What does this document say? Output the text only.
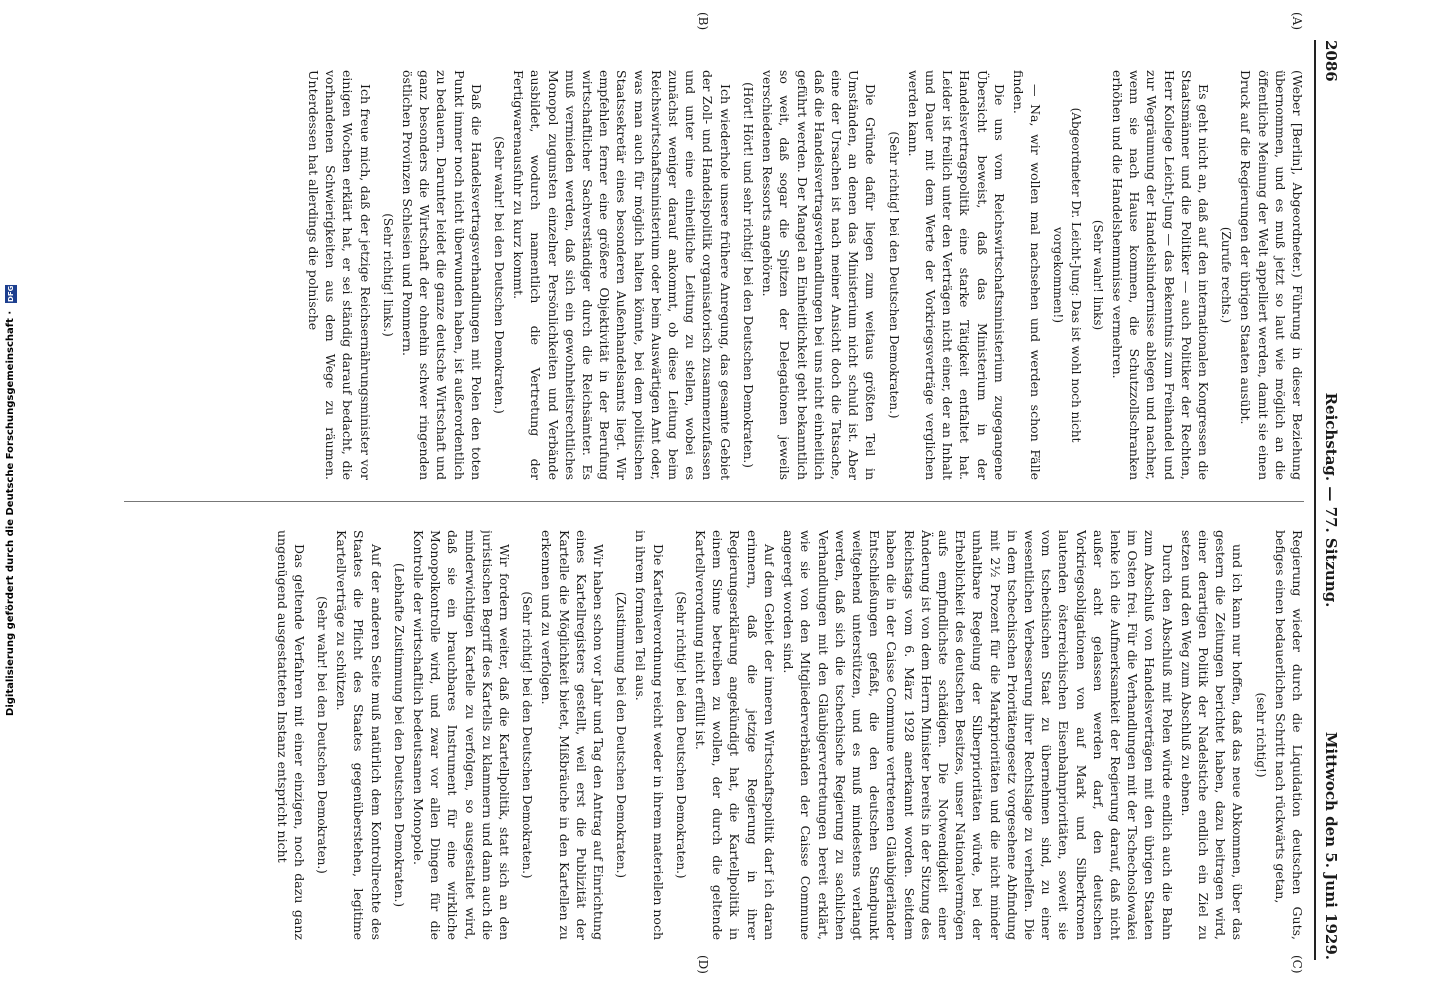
Digitalisierung gefördert durch die Deutsche Forschungsgemeinschaft · DFG
2086
Reichstag. — 77. Sitzung.
Mittwoch den 5. Juni 1929.
(A)
(B)
(C)
(D)

(Weber [Berlin], Abgeordneter.) Führung in dieser Beziehung übernommen, und es muß jetzt so laut wie möglich an die öffentliche Meinung der Welt appelliert werden, damit sie einen Druck auf die Regierungen der übrigen Staaten ausübt.

(Zurufe rechts.)

Es geht nicht an, daß auf den internationalen Kongressen die Staatsmänner und die Politiker — auch Politiker der Rechten, Herr Kollege Leicht-Jung — das Bekenntnis zum Freihandel und zur Wegräumung der Handelshindernisse ablegen und nachher, wenn sie nach Hause kommen, die Schutzzollschranken erhöhen und die Handelshemmnisse vermehren.

(Sehr wahr! links)

(Abgeordneter Dr. Leicht-Jung: Das ist wohl noch nicht vorgekommen!)

— Na, wir wollen mal nachsehen und werden schon Fälle finden.

Die uns vom Reichswirtschaftsministerium zugegangene Übersicht beweist, daß das Ministerium in der Handelsvertragspolitik eine starke Tätigkeit entfaltet hat. Leider ist freilich unter den Verträgen nicht einer, der an Inhalt und Dauer mit dem Werte der Vorkriegsverträge verglichen werden kann.

(Sehr richtig! bei den Deutschen Demokraten.)

Die Gründe dafür liegen zum weitaus größten Teil in Umständen, an denen das Ministerium nicht schuld ist. Aber eine der Ursachen ist nach meiner Ansicht doch die Tatsache, daß die Handelsvertragsverhandlungen bei uns nicht einheitlich geführt werden. Der Mangel an Einheitlichkeit geht bekanntlich so weit, daß sogar die Spitzen der Delegationen jeweils verschiedenen Ressorts angehören.

(Hört! Hört! und sehr richtig! bei den Deutschen Demokraten.)

Ich wiederhole unsere frühere Anregung, das gesamte Gebiet der Zoll- und Handelspolitik organisatorisch zusammenzufassen und unter eine einheitliche Leitung zu stellen, wobei es zunächst weniger darauf ankommt, ob diese Leitung beim Reichswirtschaftsministerium oder beim Auswärtigen Amt oder, was man auch für möglich halten könnte, bei dem politischen Staatssekretär eines besonderen Außenhandelsamts liegt. Wir empfehlen ferner eine größere Objektivität in der Berufung wirtschaftlicher Sachverständiger durch die Reichsämter. Es muß vermieden werden, daß sich ein gewohnheitsrechtliches Monopol zugunsten einzelner Persönlichkeiten und Verbände ausbildet, wodurch namentlich die Vertretung der Fertigwarenausfuhr zu kurz kommt.

(Sehr wahr! bei den Deutschen Demokraten.)

Daß die Handelsvertragsverhandlungen mit Polen den toten Punkt immer noch nicht überwunden haben, ist außerordentlich zu bedauern. Darunter leidet die ganze deutsche Wirtschaft und ganz besonders die Wirtschaft der ohnehin schwer ringenden östlichen Provinzen Schlesien und Pommern.

(Sehr richtig! links.)

Ich freue mich, daß der jetzige Reichsernährungsminister vor einigen Wochen erklärt hat, er sei ständig darauf bedacht, die vorhandenen Schwierigkeiten aus dem Wege zu räumen. Unterdessen hat allerdings die polnische

Regierung wieder durch die Liquidation deutschen Guts, befiges einen bedauerlichen Schritt nach rückwärts getan,

(sehr richtig!)

und ich kann nur hoffen, daß das neue Abkommen, über das gestern die Zeitungen berichtet haben, dazu beitragen wird, einer derartigen Politik der Nadelstiche endlich ein Ziel zu setzen und den Weg zum Abschluß zu ebnen.

Durch den Abschluß mit Polen würde endlich auch die Bahn zum Abschluß von Handelsverträgen mit den übrigen Staaten im Osten frei. Für die Verhandlungen mit der Tschechoslowakei lenke ich die Aufmerksamkeit der Regierung darauf, daß nicht außer acht gelassen werden darf, den deutschen Vorkriegsobligationen von auf Mark und Silberkronen lautenden österreichischen Eisenbahnprioritäten, soweit sie vom tschechischen Staat zu übernehmen sind, zu einer wesentlichen Verbesserung ihrer Rechtslage zu verhelfen. Die in dem tschechischen Prioritätengesetz vorgesehene Abfindung mit 2½ Prozent für die Markprioritäten und die nicht minder unhaltbare Regelung der Silberprioritäten würde, bei der Erheblichkeit des deutschen Besitzes, unser Nationalvermögen aufs empfindlichste schädigen. Die Notwendigkeit einer Änderung ist von dem Herrn Minister bereits in der Sitzung des Reichstags vom 6. März 1928 anerkannt worden. Seitdem haben die in der Caisse Commune vertretenen Gläubigerländer Entschließungen gefaßt, die den deutschen Standpunkt weitgehend unterstützen, und es muß mindestens verlangt werden, daß sich die tschechische Regierung zu sachlichen Verhandlungen mit den Gläubigervertretungen bereit erklärt, wie sie von den Mitgliederverbänden der Caisse Commune angeregt worden sind.

Auf dem Gebiet der inneren Wirtschaftspolitik darf ich daran erinnern, daß die jetzige Regierung in ihrer Regierungserklärung angekündigt hat, die Kartellpolitik in einem Sinne betreiben zu wollen, der durch die geltende Kartellverordnung nicht erfüllt ist.

(Sehr richtig! bei den Deutschen Demokraten.)

Die Kartellverordnung reicht weder in ihrem materiellen noch in ihrem formalen Teil aus.

(Zustimmung bei den Deutschen Demokraten.)

Wir haben schon vor Jahr und Tag den Antrag auf Einrichtung eines Kartellregisters gestellt, weil erst die Publizität der Kartelle die Möglichkeit bietet, Mißbräuche in den Kartellen zu erkennen und zu verfolgen.

(Sehr richtig! bei den Deutschen Demokraten.)

Wir fordern weiter, daß die Kartellpolitik, statt sich an den juristischen Begriff des Kartells zu klammern und dann auch die minderwichtigen Kartelle zu verfolgen, so ausgestaltet wird, daß sie ein brauchbares Instrument für eine wirkliche Monopolkontrolle wird, und zwar vor allen Dingen für die Kontrolle der wirtschaftlich bedeutsamen Monopole.

(Lebhafte Zustimmung bei den Deutschen Demokraten.)

Auf der anderen Seite muß natürlich dem Kontrollrechte des Staates die Pflicht des Staates gegenüberstehen, legitime Kartellverträge zu schützen.

(Sehr wahr! bei den Deutschen Demokraten.)

Das geltende Verfahren mit einer einzigen, noch dazu ganz ungenügend ausgestatteten Instanz entspricht nicht
